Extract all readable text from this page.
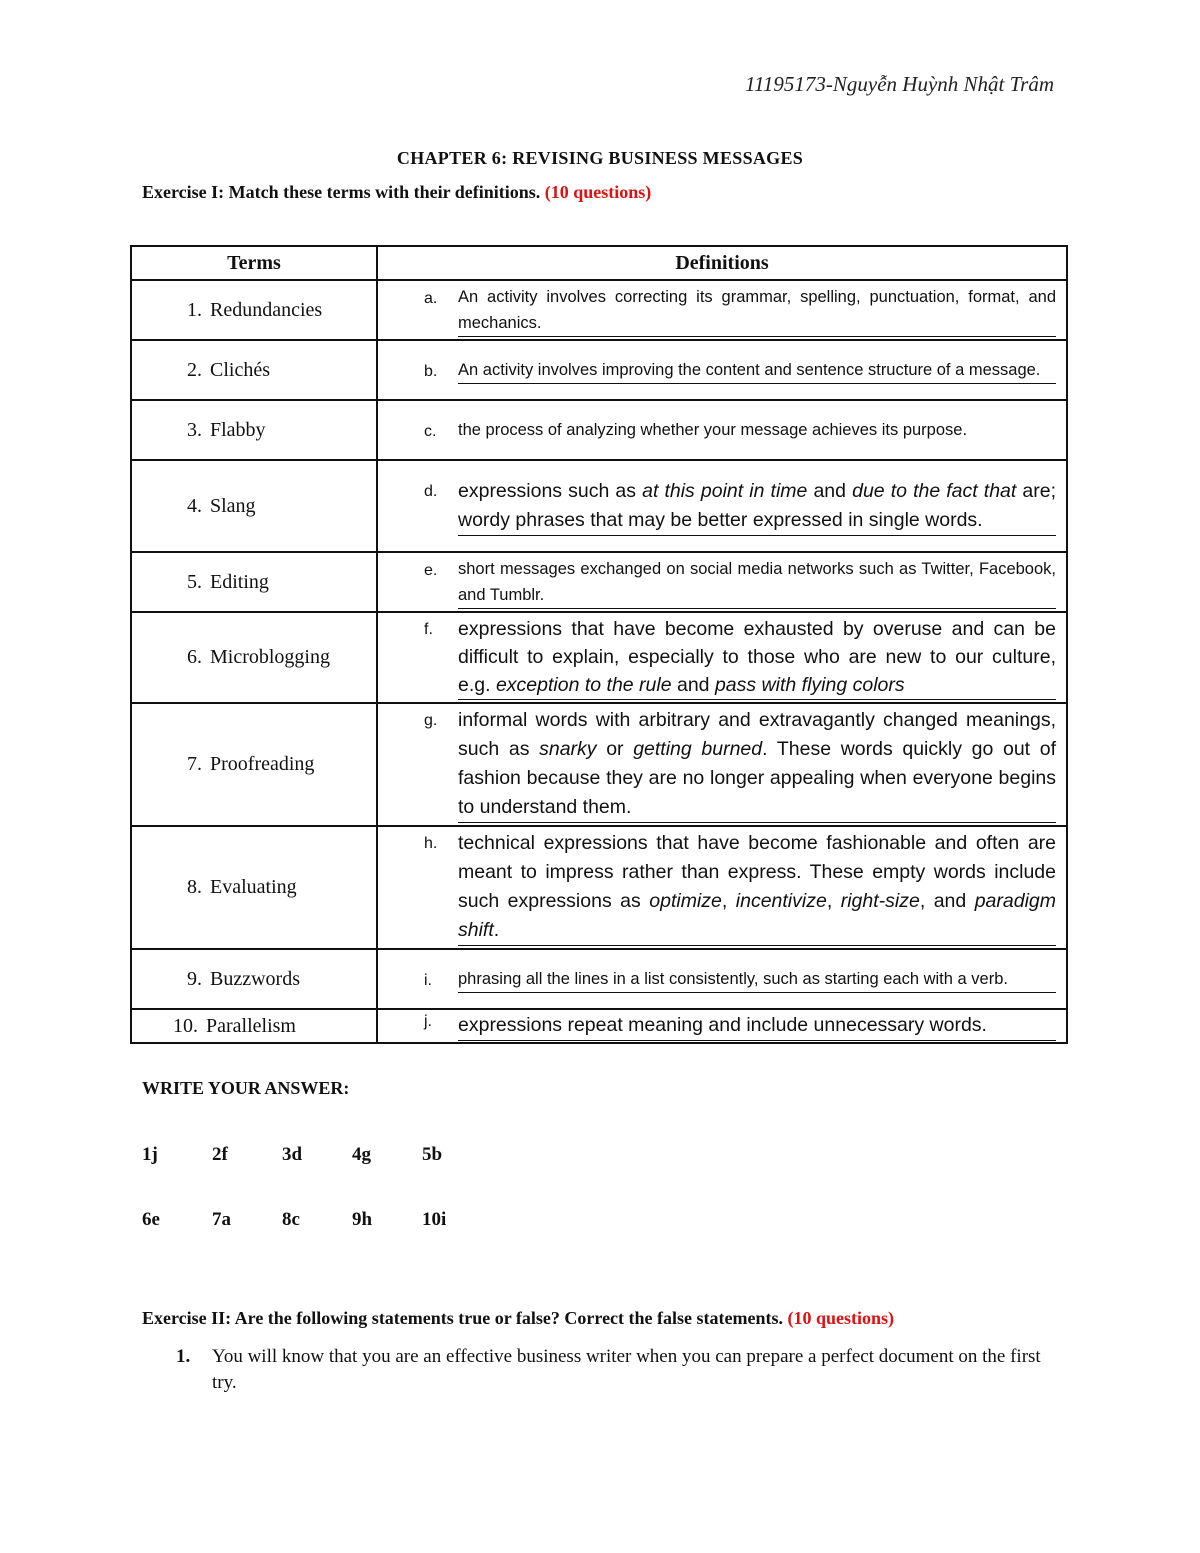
11195173-Nguyễn Huỳnh Nhật Trâm
CHAPTER 6: REVISING BUSINESS MESSAGES
Exercise I: Match these terms with their definitions. (10 questions)
Terms	Definitions

1. Redundancies	a. An activity involves correcting its grammar, spelling, punctuation, format, and mechanics.

2. Clichés	b. An activity involves improving the content and sentence structure of a message.

3. Flabby	c. the process of analyzing whether your message achieves its purpose.

4. Slang	d. expressions such as at this point in time and due to the fact that are; wordy phrases that may be better expressed in single words.

5. Editing	e. short messages exchanged on social media networks such as Twitter, Facebook, and Tumblr.

6. Microblogging	f. expressions that have become exhausted by overuse and can be difficult to explain, especially to those who are new to our culture, e.g. exception to the rule and pass with flying colors

7. Proofreading	g. informal words with arbitrary and extravagantly changed meanings, such as snarky or getting burned. These words quickly go out of fashion because they are no longer appealing when everyone begins to understand them.

8. Evaluating	h. technical expressions that have become fashionable and often are meant to impress rather than express. These empty words include such expressions as optimize, incentivize, right-size, and paradigm shift.

9. Buzzwords	i. phrasing all the lines in a list consistently, such as starting each with a verb.

10. Parallelism	j. expressions repeat meaning and include unnecessary words.
WRITE YOUR ANSWER:
1j	2f	3d	4g	5b
6e	7a	8c	9h	10i
Exercise II: Are the following statements true or false? Correct the false statements. (10 questions)
1.	You will know that you are an effective business writer when you can prepare a perfect document on the first try.
